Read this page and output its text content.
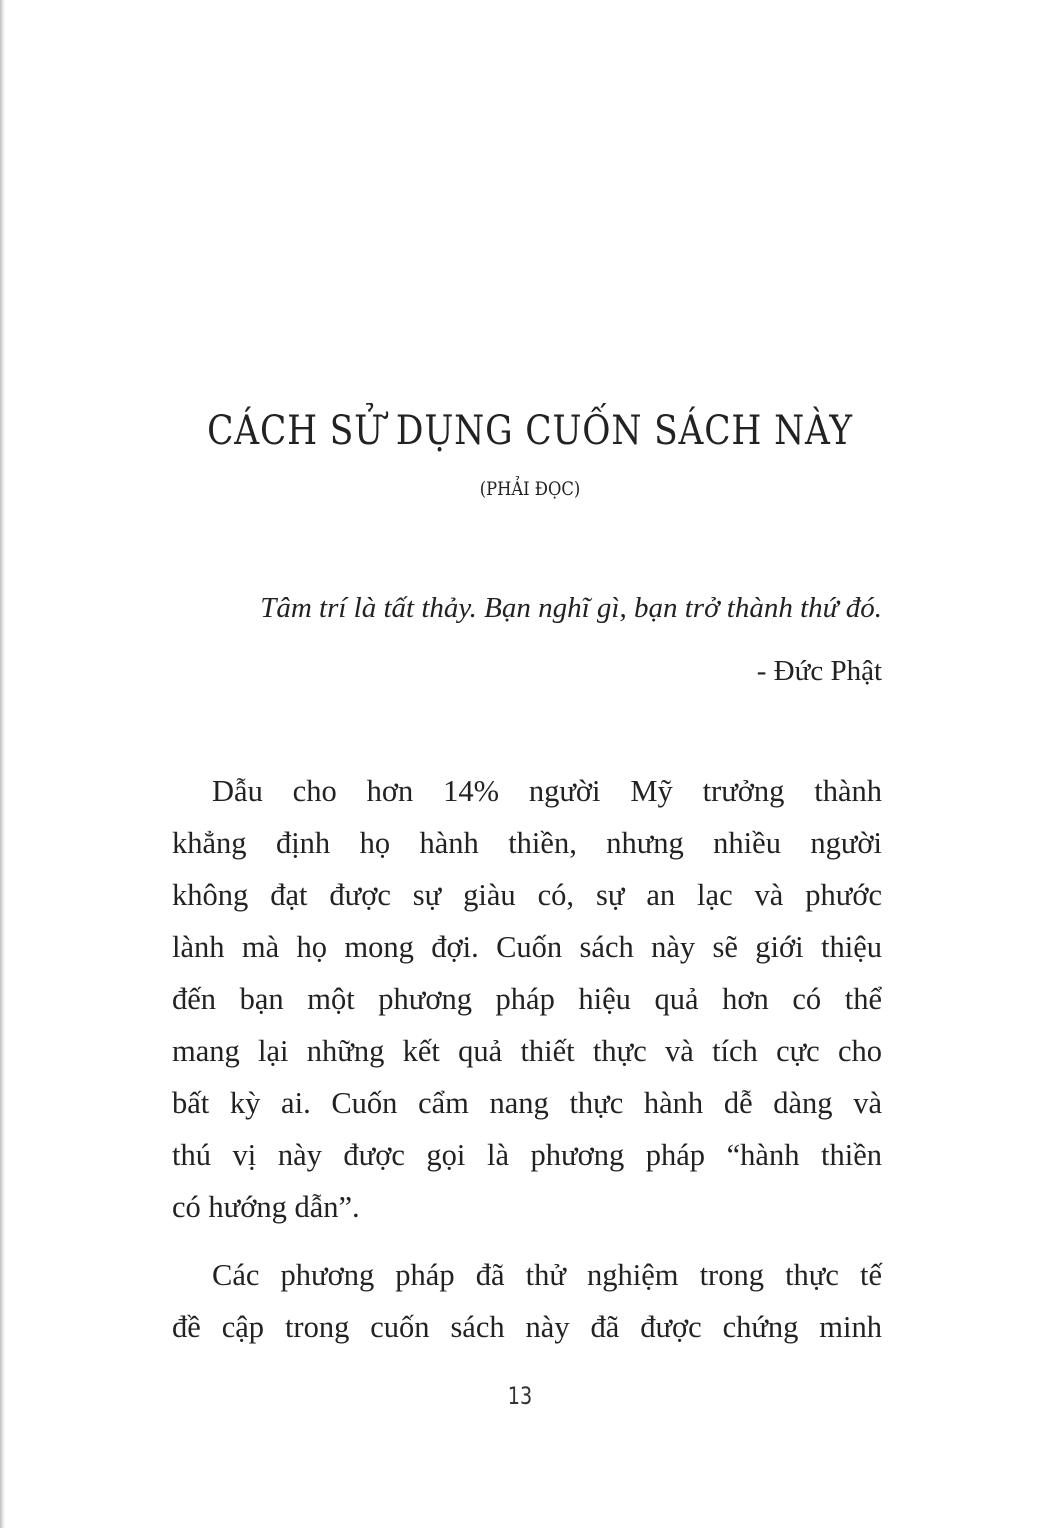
CÁCH SỬ DỤNG CUỐN SÁCH NÀY
(PHẢI ĐỌC)
Tâm trí là tất thảy. Bạn nghĩ gì, bạn trở thành thứ đó.
- Đức Phật
Dẫu cho hơn 14% người Mỹ trưởng thành
khẳng định họ hành thiền, nhưng nhiều người
không đạt được sự giàu có, sự an lạc và phước
lành mà họ mong đợi. Cuốn sách này sẽ giới thiệu
đến bạn một phương pháp hiệu quả hơn có thể
mang lại những kết quả thiết thực và tích cực cho
bất kỳ ai. Cuốn cẩm nang thực hành dễ dàng và
thú vị này được gọi là phương pháp “hành thiền
có hướng dẫn”.
Các phương pháp đã thử nghiệm trong thực tế
đề cập trong cuốn sách này đã được chứng minh
13
